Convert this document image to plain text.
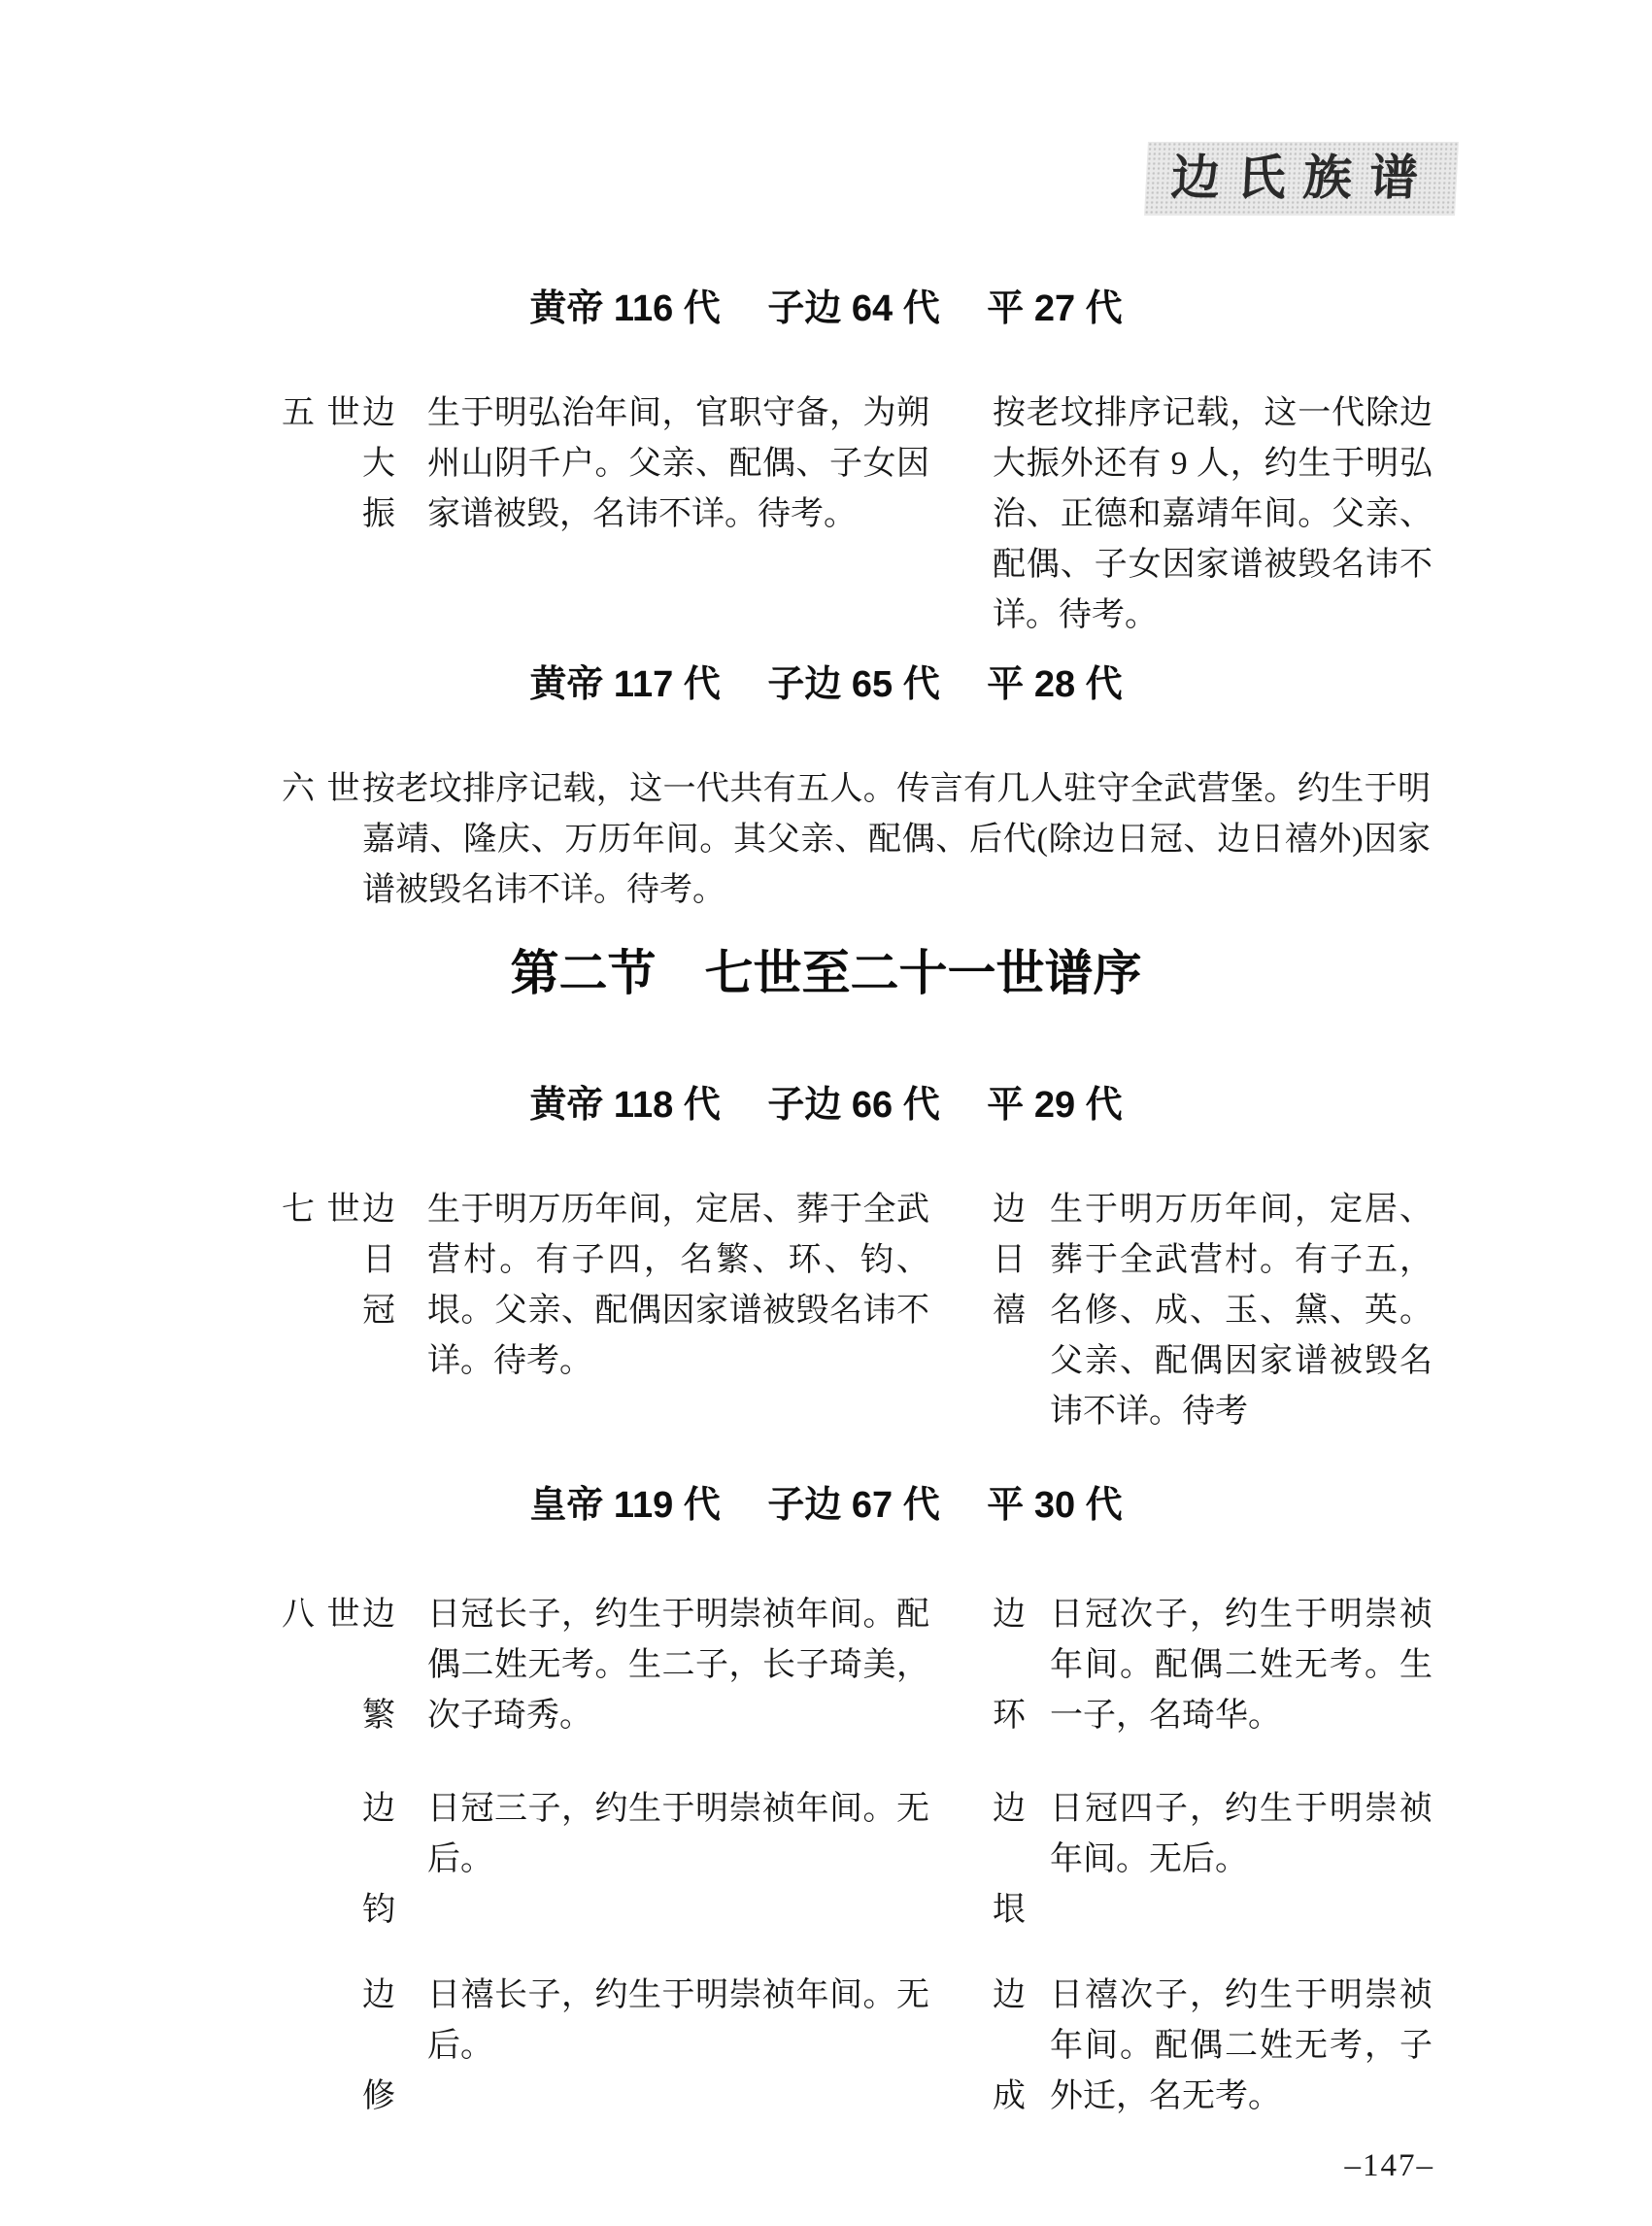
边氏族谱
黄帝 116 代　 子边 64 代　 平 27 代
五 世 边
大
振
生于明弘治年间，官职守备，为朔州山阴千户。父亲、配偶、子女因家谱被毁，名讳不详。待考。
按老坟排序记载，这一代除边大振外还有 9 人，约生于明弘治、正德和嘉靖年间。父亲、配偶、子女因家谱被毁名讳不详。待考。
黄帝 117 代　 子边 65 代　 平 28 代
六 世 按老坟排序记载，这一代共有五人。传言有几人驻守全武营堡。约生于明嘉靖、隆庆、万历年间。其父亲、配偶、后代(除边日冠、边日禧外)因家谱被毁名讳不详。待考。
第二节　七世至二十一世谱序
黄帝 118 代　 子边 66 代　 平 29 代
七 世 边
日
冠
生于明万历年间，定居、葬于全武营村。有子四，名繁、环、钧、垠。父亲、配偶因家谱被毁名讳不详。待考。
边
日
禧
生于明万历年间，定居、葬于全武营村。有子五，名修、成、玉、黛、英。父亲、配偶因家谱被毁名讳不详。待考
皇帝 119 代　 子边 67 代　 平 30 代
八 世 边
繁
日冠长子，约生于明崇祯年间。配偶二姓无考。生二子，长子琦美，次子琦秀。
边
环
日冠次子，约生于明崇祯年间。配偶二姓无考。生一子，名琦华。
边
钧
日冠三子，约生于明崇祯年间。无后。
边
垠
日冠四子，约生于明崇祯年间。无后。
边
修
日禧长子，约生于明崇祯年间。无后。
边
成
日禧次子，约生于明崇祯年间。配偶二姓无考，子外迁，名无考。
–147–
